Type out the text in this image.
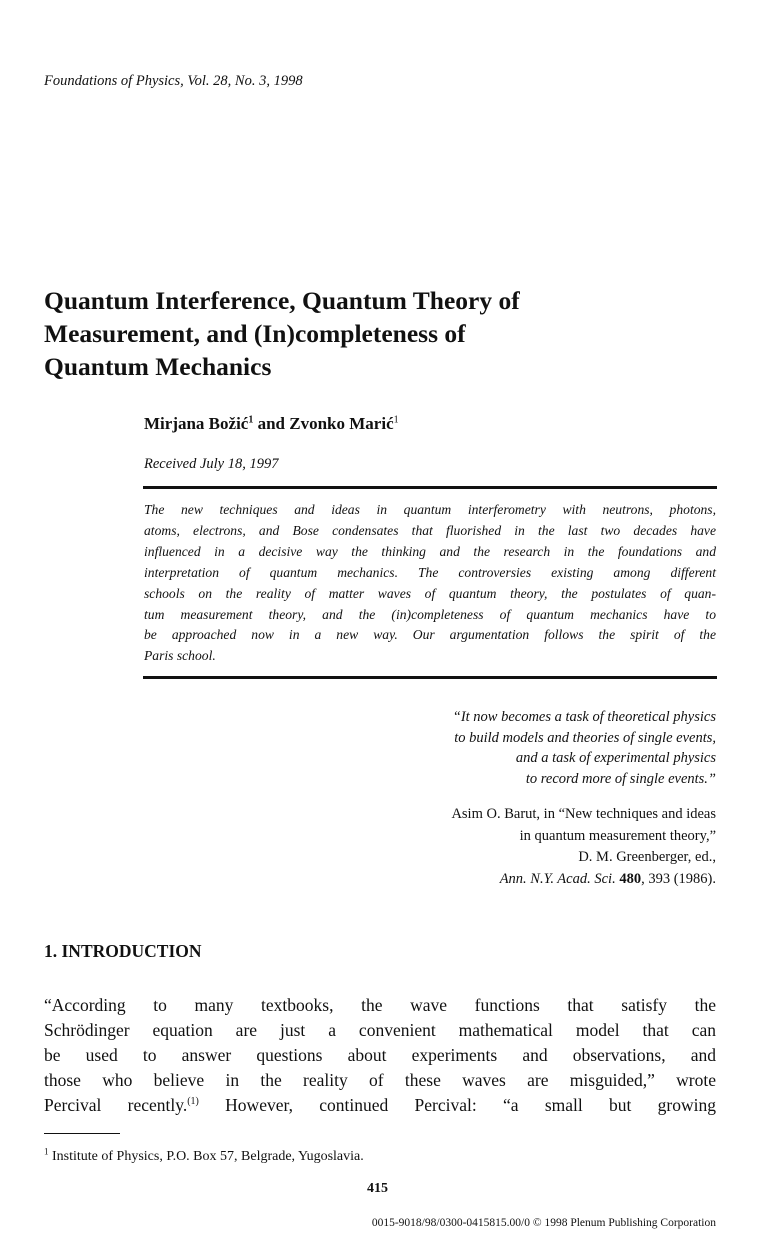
Foundations of Physics, Vol. 28, No. 3, 1998
Quantum Interference, Quantum Theory of
Measurement, and (In)completeness of
Quantum Mechanics
Mirjana Božić$^1$ and Zvonko Marić$^1$
Received July 18, 1997
The new techniques and ideas in quantum interferometry with neutrons, photons,
atoms, electrons, and Bose condensates that fluorished in the last two decades have
influenced in a decisive way the thinking and the research in the foundations and
interpretation of quantum mechanics. The controversies existing among different
schools on the reality of matter waves of quantum theory, the postulates of quan-
tum measurement theory, and the (in)completeness of quantum mechanics have to
be approached now in a new way. Our argumentation follows the spirit of the
Paris school.
“It now becomes a task of theoretical physics
to build models and theories of single events,
and a task of experimental physics
to record more of single events.”
Asim O. Barut, in “New techniques and ideas
in quantum measurement theory,”
D. M. Greenberger, ed.,
Ann. N.Y. Acad. Sci. 480, 393 (1986).
1. INTRODUCTION
“According to many textbooks, the wave functions that satisfy the
Schrödinger equation are just a convenient mathematical model that can
be used to answer questions about experiments and observations, and
those who believe in the reality of these waves are misguided,” wrote
Percival recently.$^{(1)}$ However, continued Percival: “a small but growing
$^1$ Institute of Physics, P.O. Box 57, Belgrade, Yugoslavia.
415
0015-9018/98/0300-0415815.00/0 © 1998 Plenum Publishing Corporation
